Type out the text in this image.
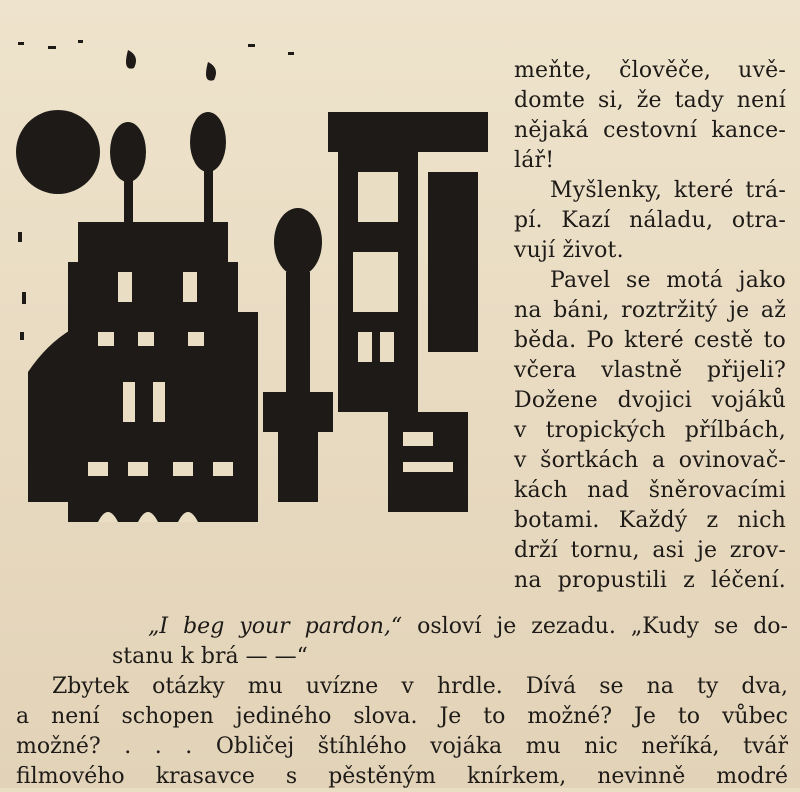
meňte, člověče, uvě-
domte si, že tady není
nějaká cestovní kance-
lář!
Myšlenky, které trá-
pí. Kazí náladu, otra-
vují život.
Pavel se motá jako
na báni, roztržitý je až
běda. Po které cestě to
včera vlastně přijeli?
Dožene dvojici vojáků
v tropických přílbách,
v šortkách a ovinovač-
kách nad šněrovacími
botami. Každý z nich
drží tornu, asi je zrov-
na propustili z léčení.
„I beg your pardon,“ osloví je zezadu. „Kudy se do-
stanu k brá — —“
Zbytek otázky mu uvízne v hrdle. Dívá se na ty dva,
a není schopen jediného slova. Je to možné? Je to vůbec
možné? . . . Obličej štíhlého vojáka mu nic neříká, tvář
filmového krasavce s pěstěným knírkem, nevinně modré
